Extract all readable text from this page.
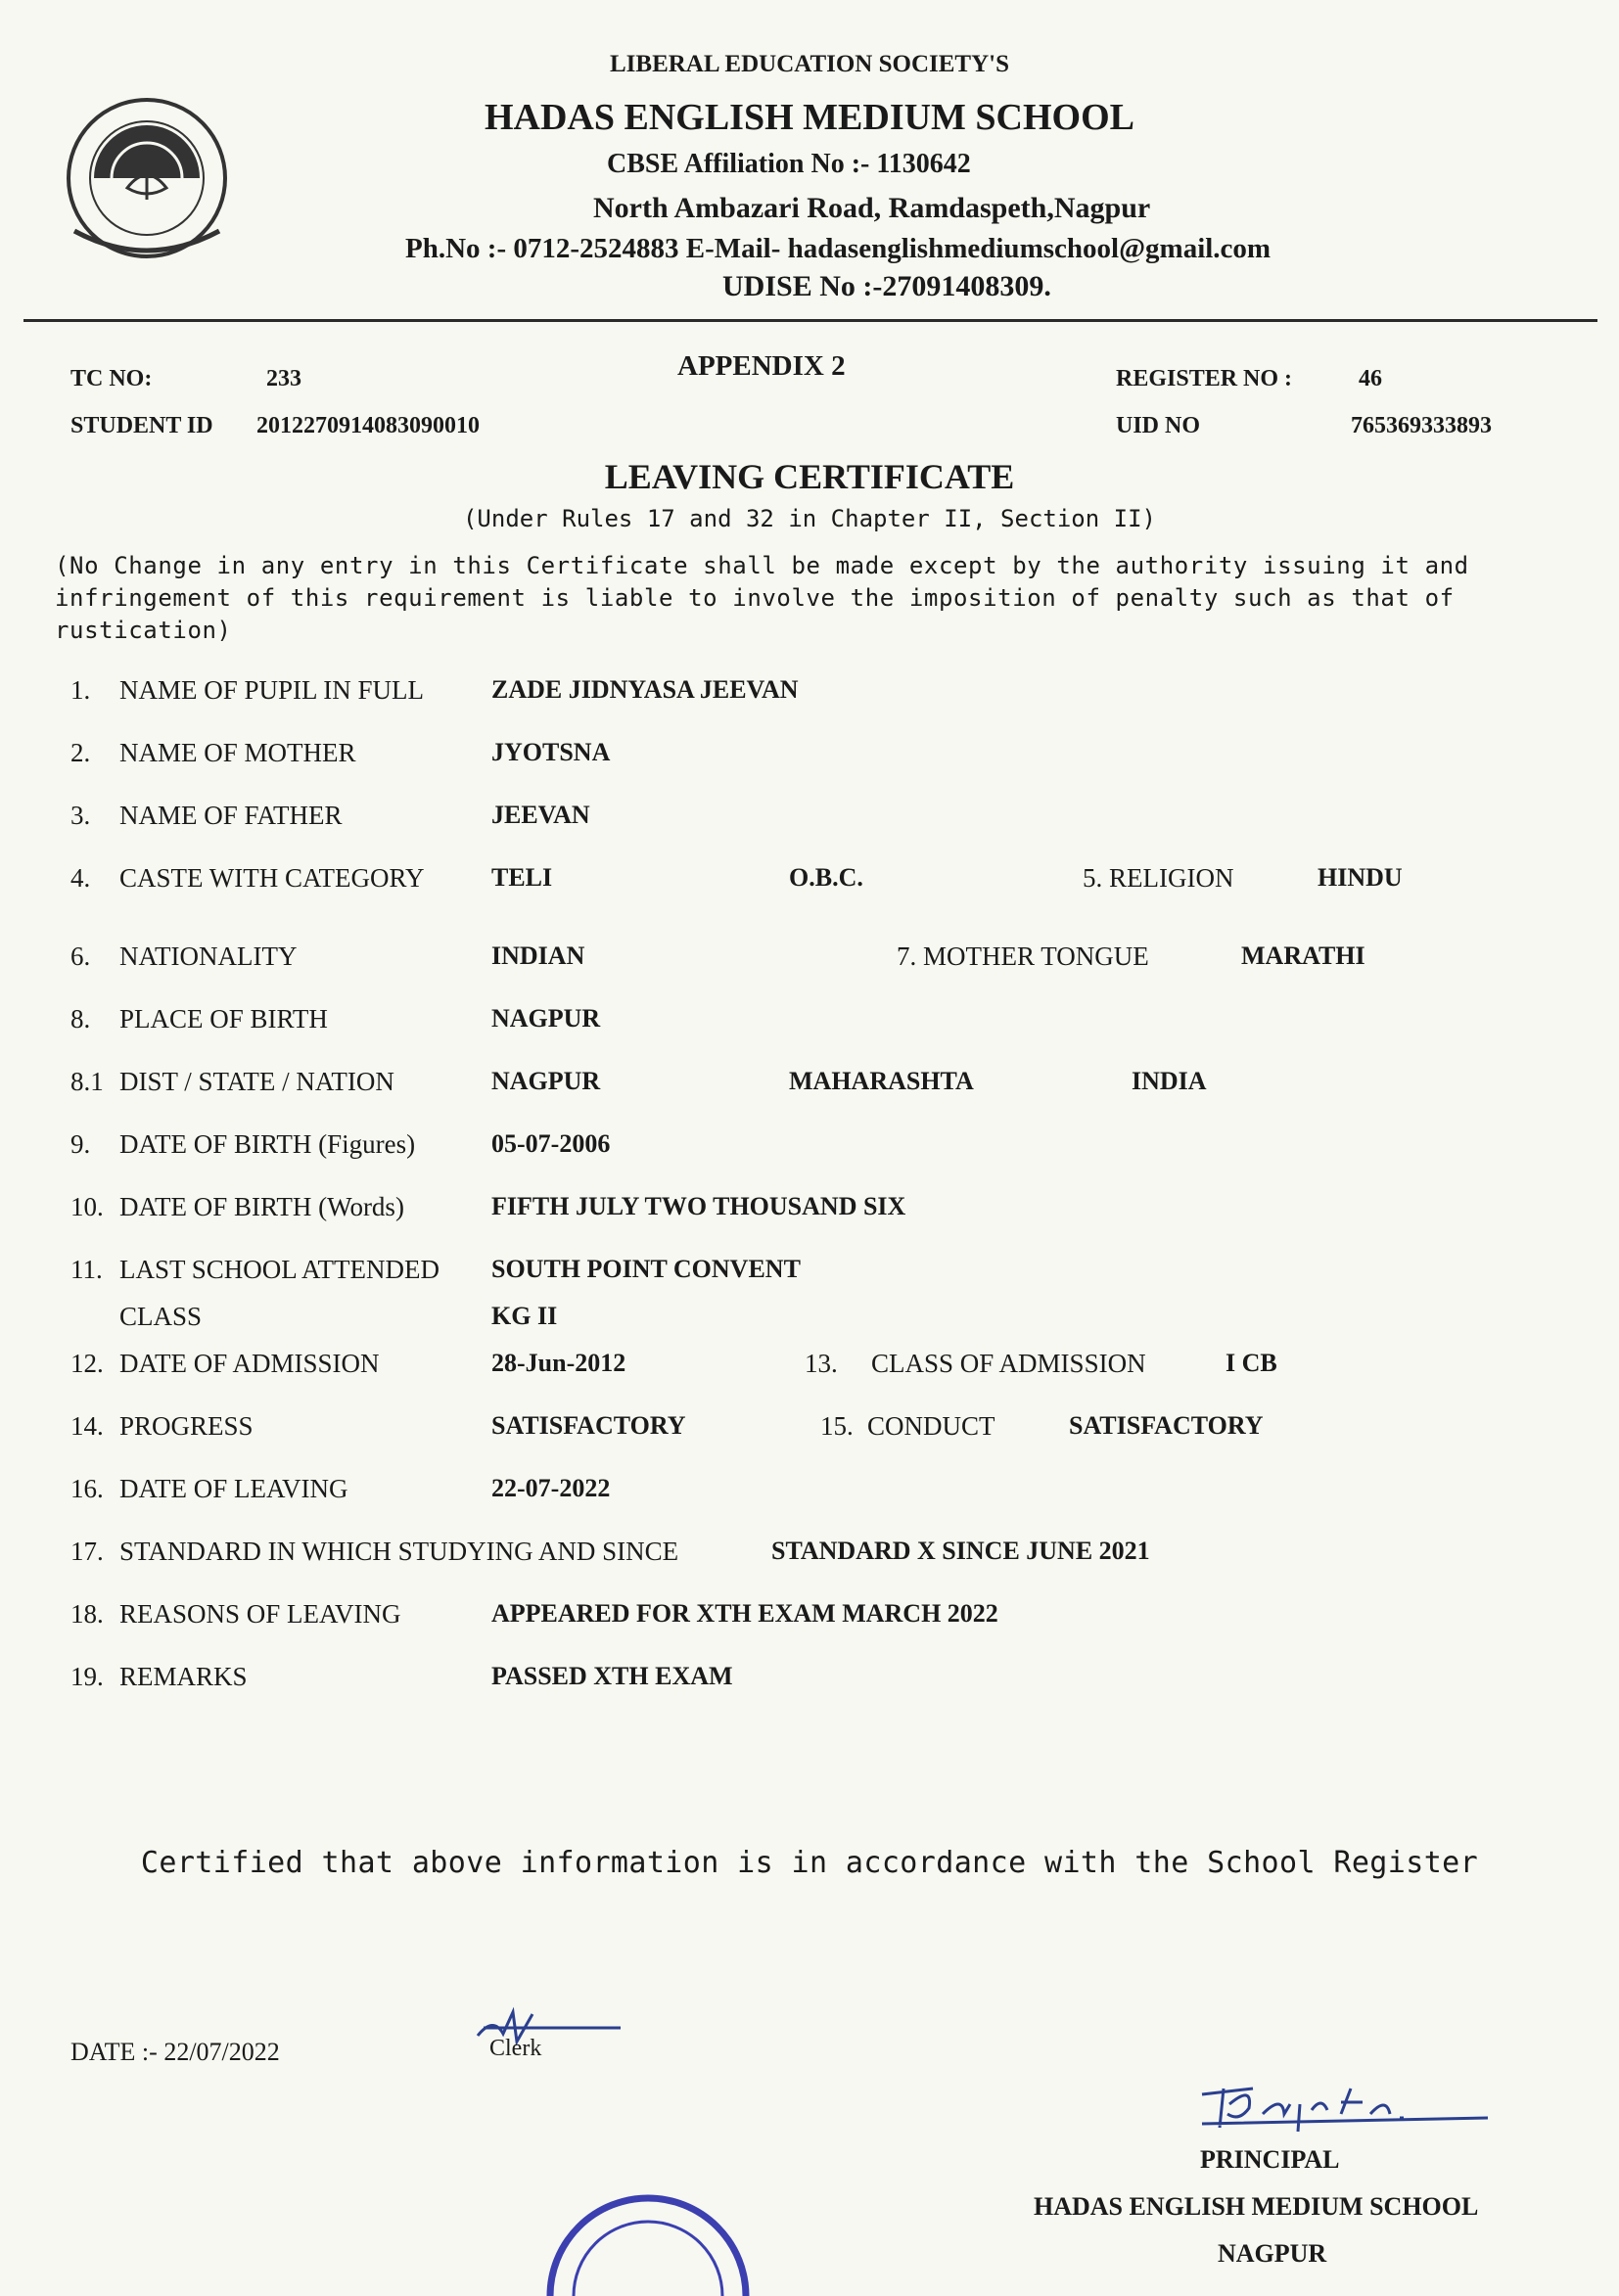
LIBERAL EDUCATION SOCIETY'S
HADAS ENGLISH MEDIUM SCHOOL
CBSE Affiliation No :- 1130642
North Ambazari Road, Ramdaspeth,Nagpur
Ph.No :- 0712-2524883 E-Mail- hadasenglishmediumschool@gmail.com
UDISE No :-27091408309.
TC NO:	233	APPENDIX 2	REGISTER NO :	46
STUDENT ID 2012270914083090010	UID NO	765369333893
LEAVING CERTIFICATE
(Under Rules 17 and 32 in Chapter II, Section II)
(No Change in any entry in this Certificate shall be made except by the authority issuing it and infringement of this requirement is liable to involve the imposition of penalty such as that of rustication)
1. NAME OF PUPIL IN FULL	ZADE JIDNYASA JEEVAN
2. NAME OF MOTHER	JYOTSNA
3. NAME OF FATHER	JEEVAN
4. CASTE WITH CATEGORY	TELI	O.B.C.	5. RELIGION	HINDU
6. NATIONALITY	INDIAN	7. MOTHER TONGUE	MARATHI
8. PLACE OF BIRTH	NAGPUR
8.1 DIST / STATE / NATION	NAGPUR	MAHARASHTA	INDIA
9. DATE OF BIRTH (Figures)	05-07-2006
10. DATE OF BIRTH (Words)	FIFTH JULY TWO THOUSAND SIX
11. LAST SCHOOL ATTENDED SOUTH POINT CONVENT
CLASS	KG II
12. DATE OF ADMISSION	28-Jun-2012	13. CLASS OF ADMISSION	I CB
14. PROGRESS	SATISFACTORY	15. CONDUCT	SATISFACTORY
16. DATE OF LEAVING	22-07-2022
17. STANDARD IN WHICH STUDYING AND SINCE	STANDARD X SINCE JUNE 2021
18. REASONS OF LEAVING	APPEARED FOR XTH EXAM MARCH 2022
19. REMARKS	PASSED XTH EXAM
Certified that above information is in accordance with the School Register
DATE :- 22/07/2022	Clerk
PRINCIPAL
HADAS ENGLISH MEDIUM SCHOOL
NAGPUR
